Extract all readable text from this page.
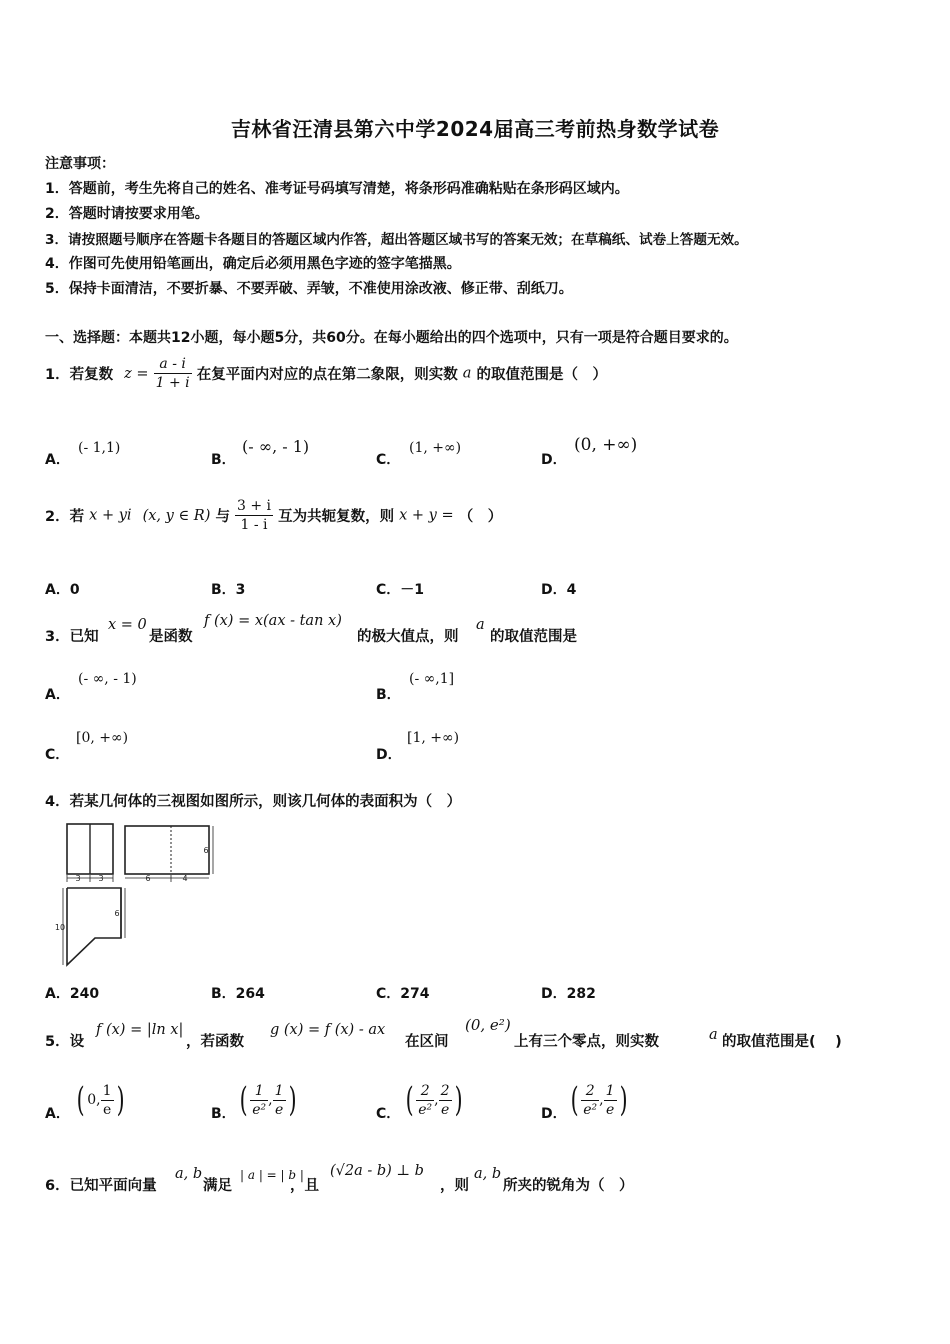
吉林省汪清县第六中学2024届高三考前热身数学试卷
注意事项：
1．答题前，考生先将自己的姓名、准考证号码填写清楚，将条形码准确粘贴在条形码区域内。
2．答题时请按要求用笔。
3．请按照题号顺序在答题卡各题目的答题区域内作答，超出答题区域书写的答案无效；在草稿纸、试卷上答题无效。
4．作图可先使用铅笔画出，确定后必须用黑色字迹的签字笔描黑。
5．保持卡面清洁，不要折暴、不要弄破、弄皱，不准使用涂改液、修正带、刮纸刀。
一、选择题：本题共12小题，每小题5分，共60分。在每小题给出的四个选项中，只有一项是符合题目要求的。
1．若复数 $z = \frac{a - i}{1 + i}$ 在复平面内对应的点在第二象限，则实数 a 的取值范围是（　）
A．
(- 1,1)
B．
(- ∞, - 1)
C．
(1, +∞)
D．
(0, +∞)
2．若 x + yi (x, y ∈ R) 与 $\frac{3 + i}{1 - i}$ 互为共轭复数，则 x + y = （　）
A．0	B．3	C．－1	D．4
3．已知
x = 0
是函数
f (x) = x(ax - tan x)
的极大值点，则
a
的取值范围是
A．
(- ∞, - 1)
B．
(- ∞,1]
C．
[0, +∞)
D．
[1, +∞)
4．若某几何体的三视图如图所示，则该几何体的表面积为（　）
3 3	6	4
6
6
10
A．240	B．264	C．274	D．282
5．设
f (x) = |ln x|
，若函数
g (x) = f (x) - ax
在区间
(0, e²)
上有三个零点，则实数	a 的取值范围是(　 )
A． ( 0, $\frac{1}{e}$ )	B． ( $\frac{1}{\text{e²}}$ , $\frac{1}{e}$ )	C． ( $\frac{2}{\text{e²}}$ , $\frac{2}{e}$ )	D． ( $\frac{2}{\text{e²}}$ , $\frac{1}{e}$ )
6．已知平面向量
a, b
满足
| a | = | b |
，且
(√2a - b) ⊥ b
，则
a, b
所夹的锐角为（　）
